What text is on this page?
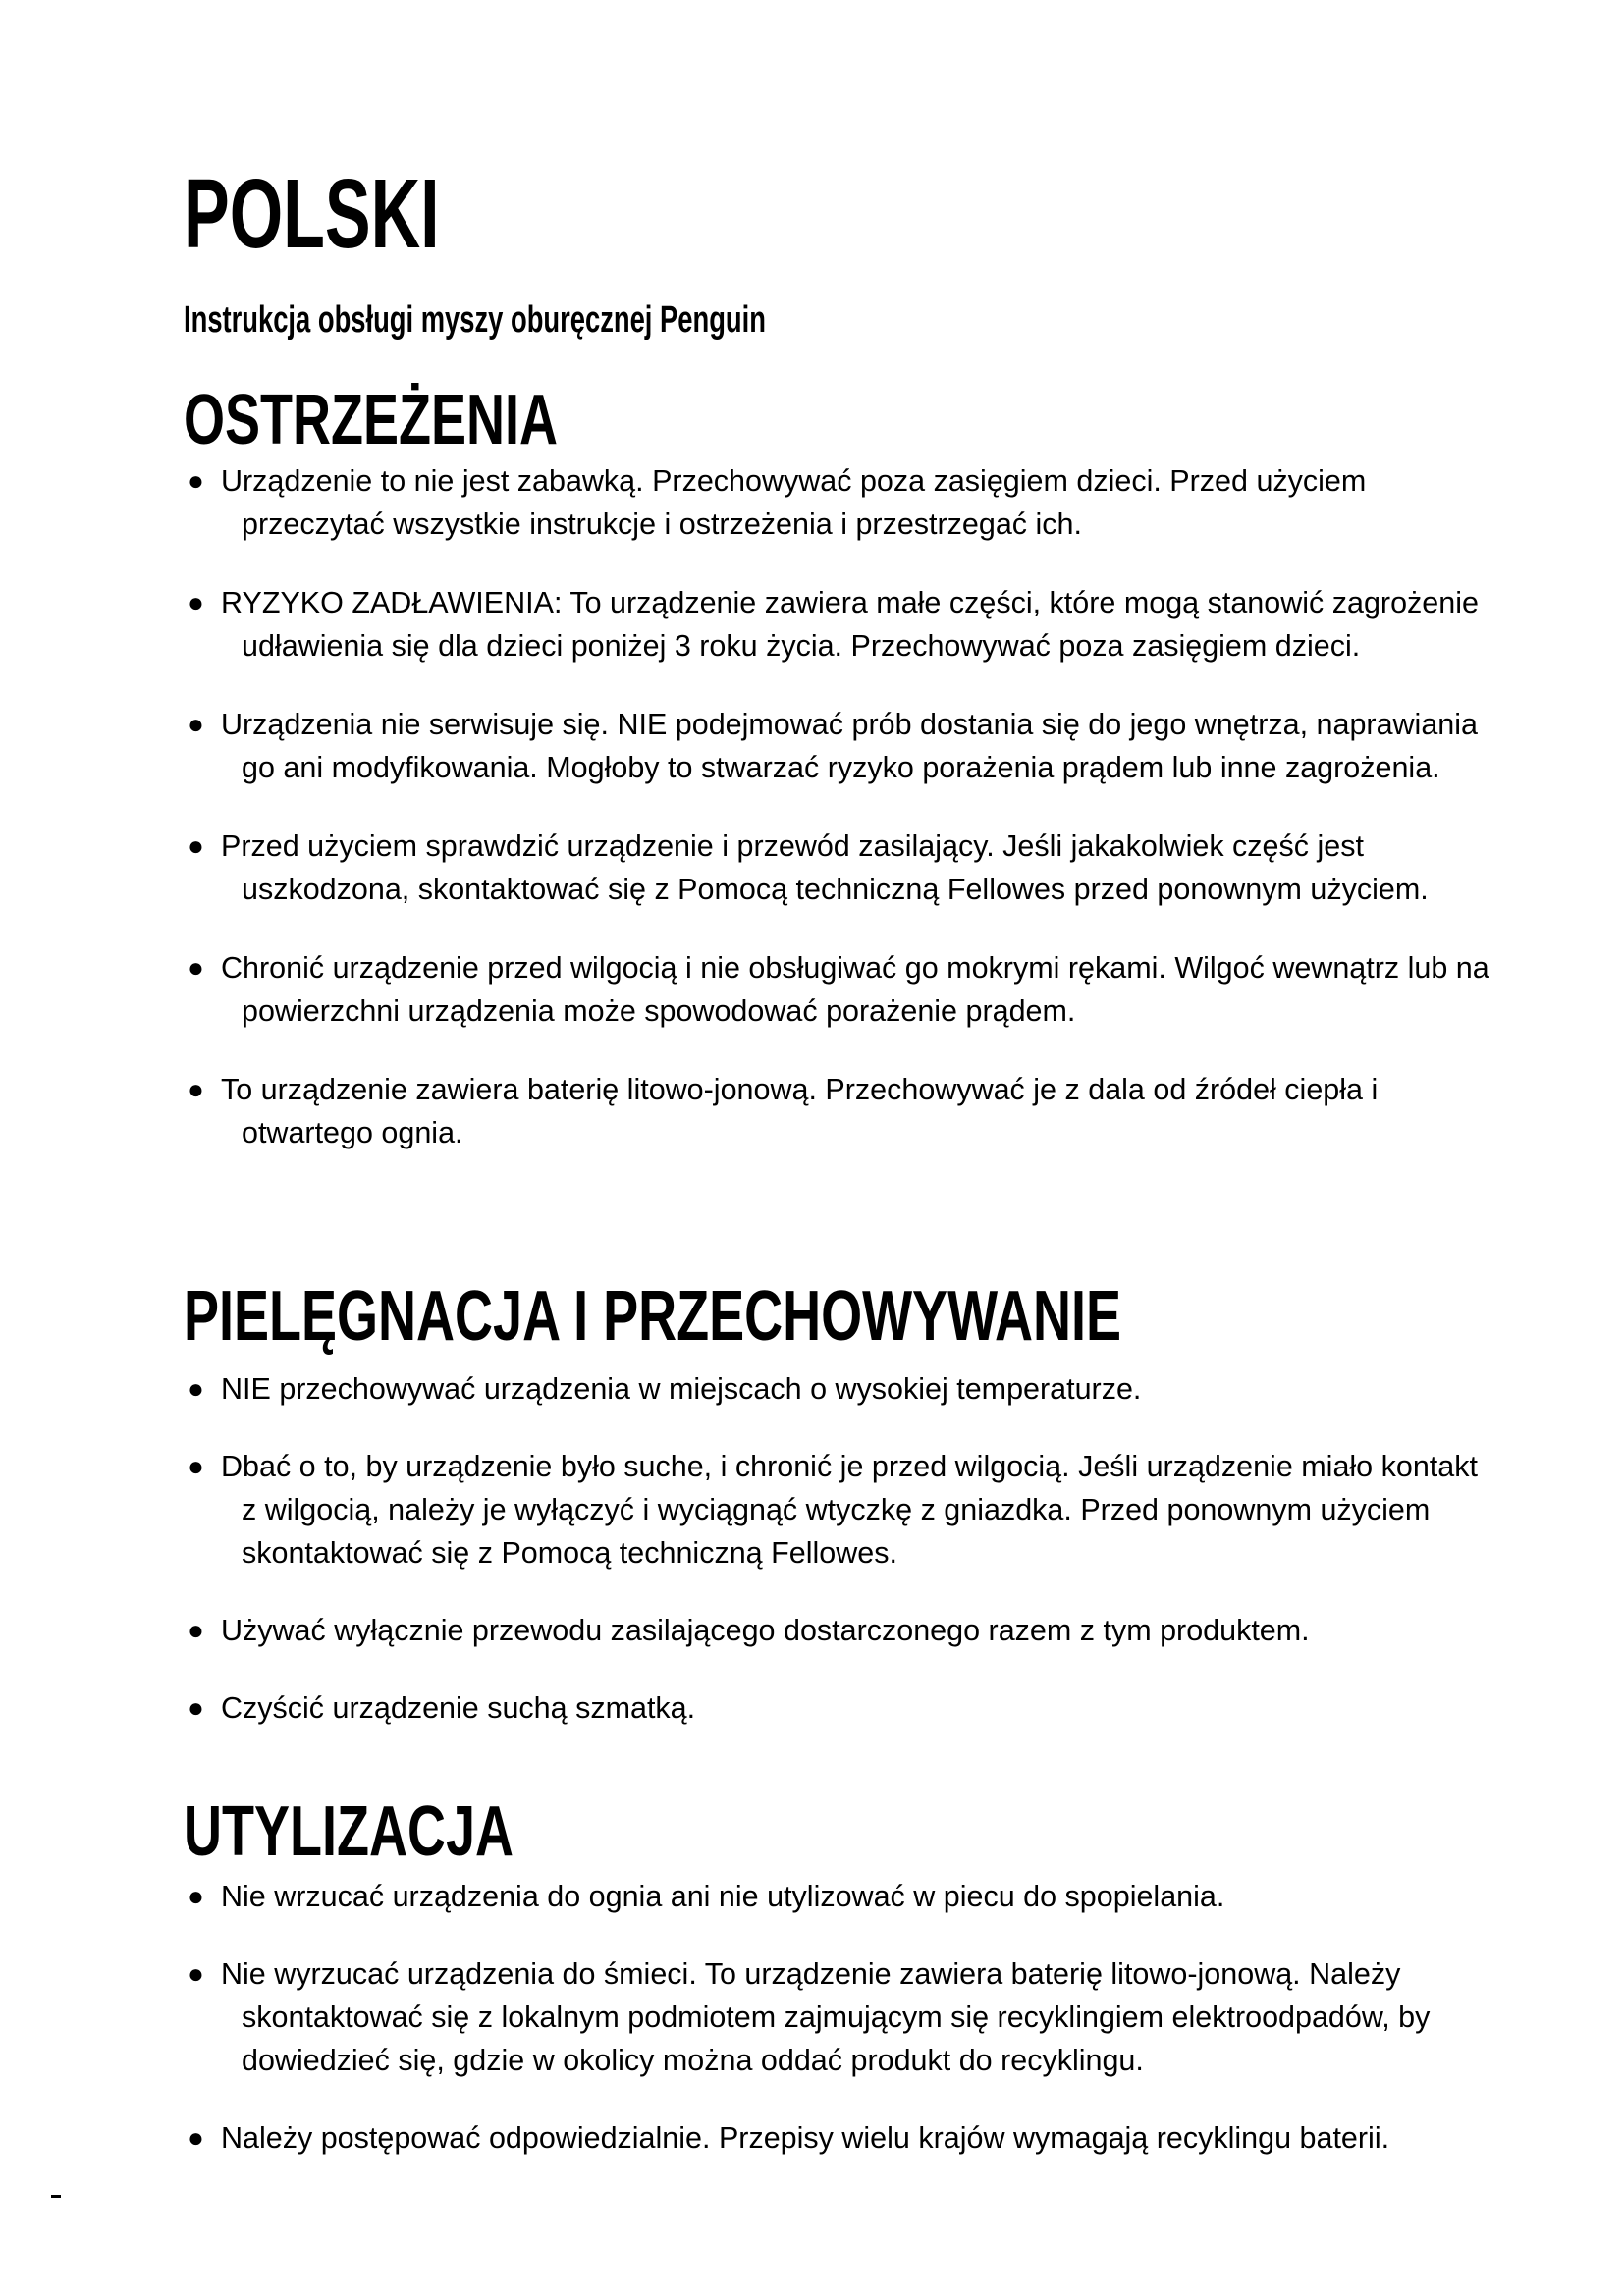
POLSKI
Instrukcja obsługi myszy oburęcznej Penguin
OSTRZEŻENIA
● Urządzenie to nie jest zabawką. Przechowywać poza zasięgiem dzieci. Przed użyciem przeczytać wszystkie instrukcje i ostrzeżenia i przestrzegać ich.
● RYZYKO ZADŁAWIENIA: To urządzenie zawiera małe części, które mogą stanowić zagrożenie udławienia się dla dzieci poniżej 3 roku życia. Przechowywać poza zasięgiem dzieci.
● Urządzenia nie serwisuje się. NIE podejmować prób dostania się do jego wnętrza, naprawiania go ani modyfikowania. Mogłoby to stwarzać ryzyko porażenia prądem lub inne zagrożenia.
● Przed użyciem sprawdzić urządzenie i przewód zasilający. Jeśli jakakolwiek część jest uszkodzona, skontaktować się z Pomocą techniczną Fellowes przed ponownym użyciem.
● Chronić urządzenie przed wilgocią i nie obsługiwać go mokrymi rękami. Wilgoć wewnątrz lub na powierzchni urządzenia może spowodować porażenie prądem.
● To urządzenie zawiera baterię litowo-jonową. Przechowywać je z dala od źródeł ciepła i otwartego ognia.
PIELĘGNACJA I PRZECHOWYWANIE
● NIE przechowywać urządzenia w miejscach o wysokiej temperaturze.
● Dbać o to, by urządzenie było suche, i chronić je przed wilgocią. Jeśli urządzenie miało kontakt z wilgocią, należy je wyłączyć i wyciągnąć wtyczkę z gniazdka. Przed ponownym użyciem skontaktować się z Pomocą techniczną Fellowes.
● Używać wyłącznie przewodu zasilającego dostarczonego razem z tym produktem.
● Czyścić urządzenie suchą szmatką.
UTYLIZACJA
● Nie wrzucać urządzenia do ognia ani nie utylizować w piecu do spopielania.
● Nie wyrzucać urządzenia do śmieci. To urządzenie zawiera baterię litowo-jonową. Należy skontaktować się z lokalnym podmiotem zajmującym się recyklingiem elektroodpadów, by dowiedzieć się, gdzie w okolicy można oddać produkt do recyklingu.
● Należy postępować odpowiedzialnie. Przepisy wielu krajów wymagają recyklingu baterii.
